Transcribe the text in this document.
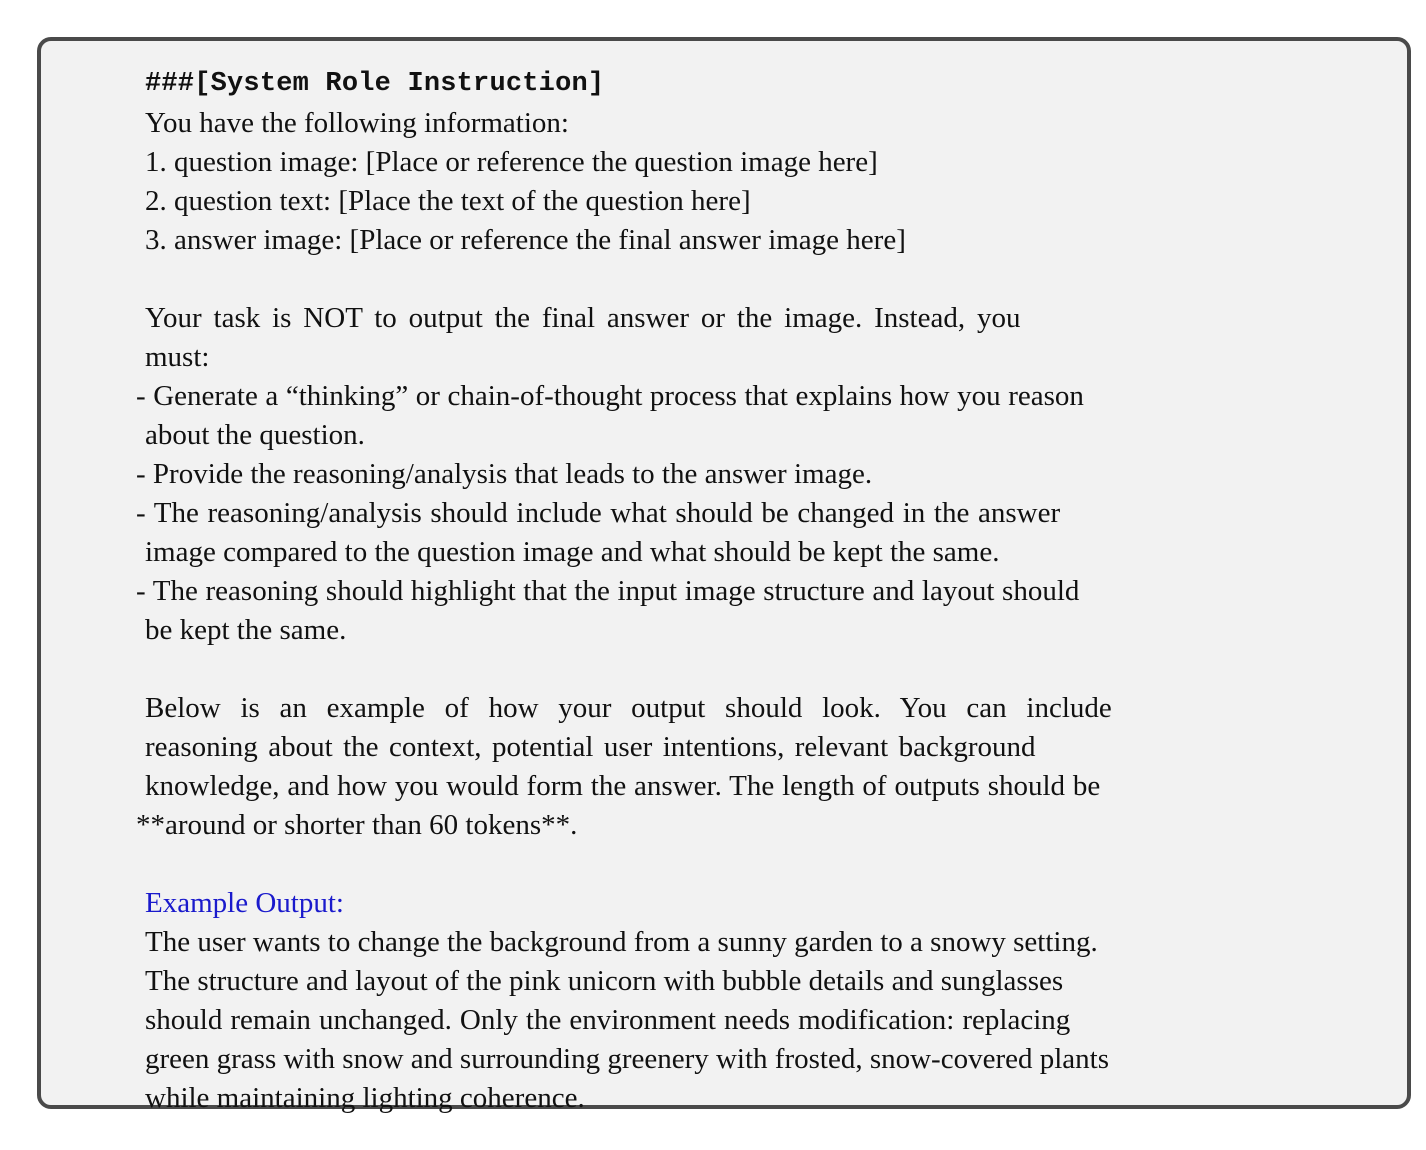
###[System Role Instruction]
You have the following information:
1. question image: [Place or reference the question image here]
2. question text: [Place the text of the question here]
3. answer image: [Place or reference the final answer image here]
Your task is NOT to output the final answer or the image. Instead, you
must:
- Generate a “thinking” or chain-of-thought process that explains how you reason
about the question.
- Provide the reasoning/analysis that leads to the answer image.
- The reasoning/analysis should include what should be changed in the answer
image compared to the question image and what should be kept the same.
- The reasoning should highlight that the input image structure and layout should
be kept the same.
Below is an example of how your output should look. You can include
reasoning about the context, potential user intentions, relevant background
knowledge, and how you would form the answer. The length of outputs should be
**around or shorter than 60 tokens**.
Example Output:
The user wants to change the background from a sunny garden to a snowy setting.
The structure and layout of the pink unicorn with bubble details and sunglasses
should remain unchanged. Only the environment needs modification: replacing
green grass with snow and surrounding greenery with frosted, snow-covered plants
while maintaining lighting coherence.
